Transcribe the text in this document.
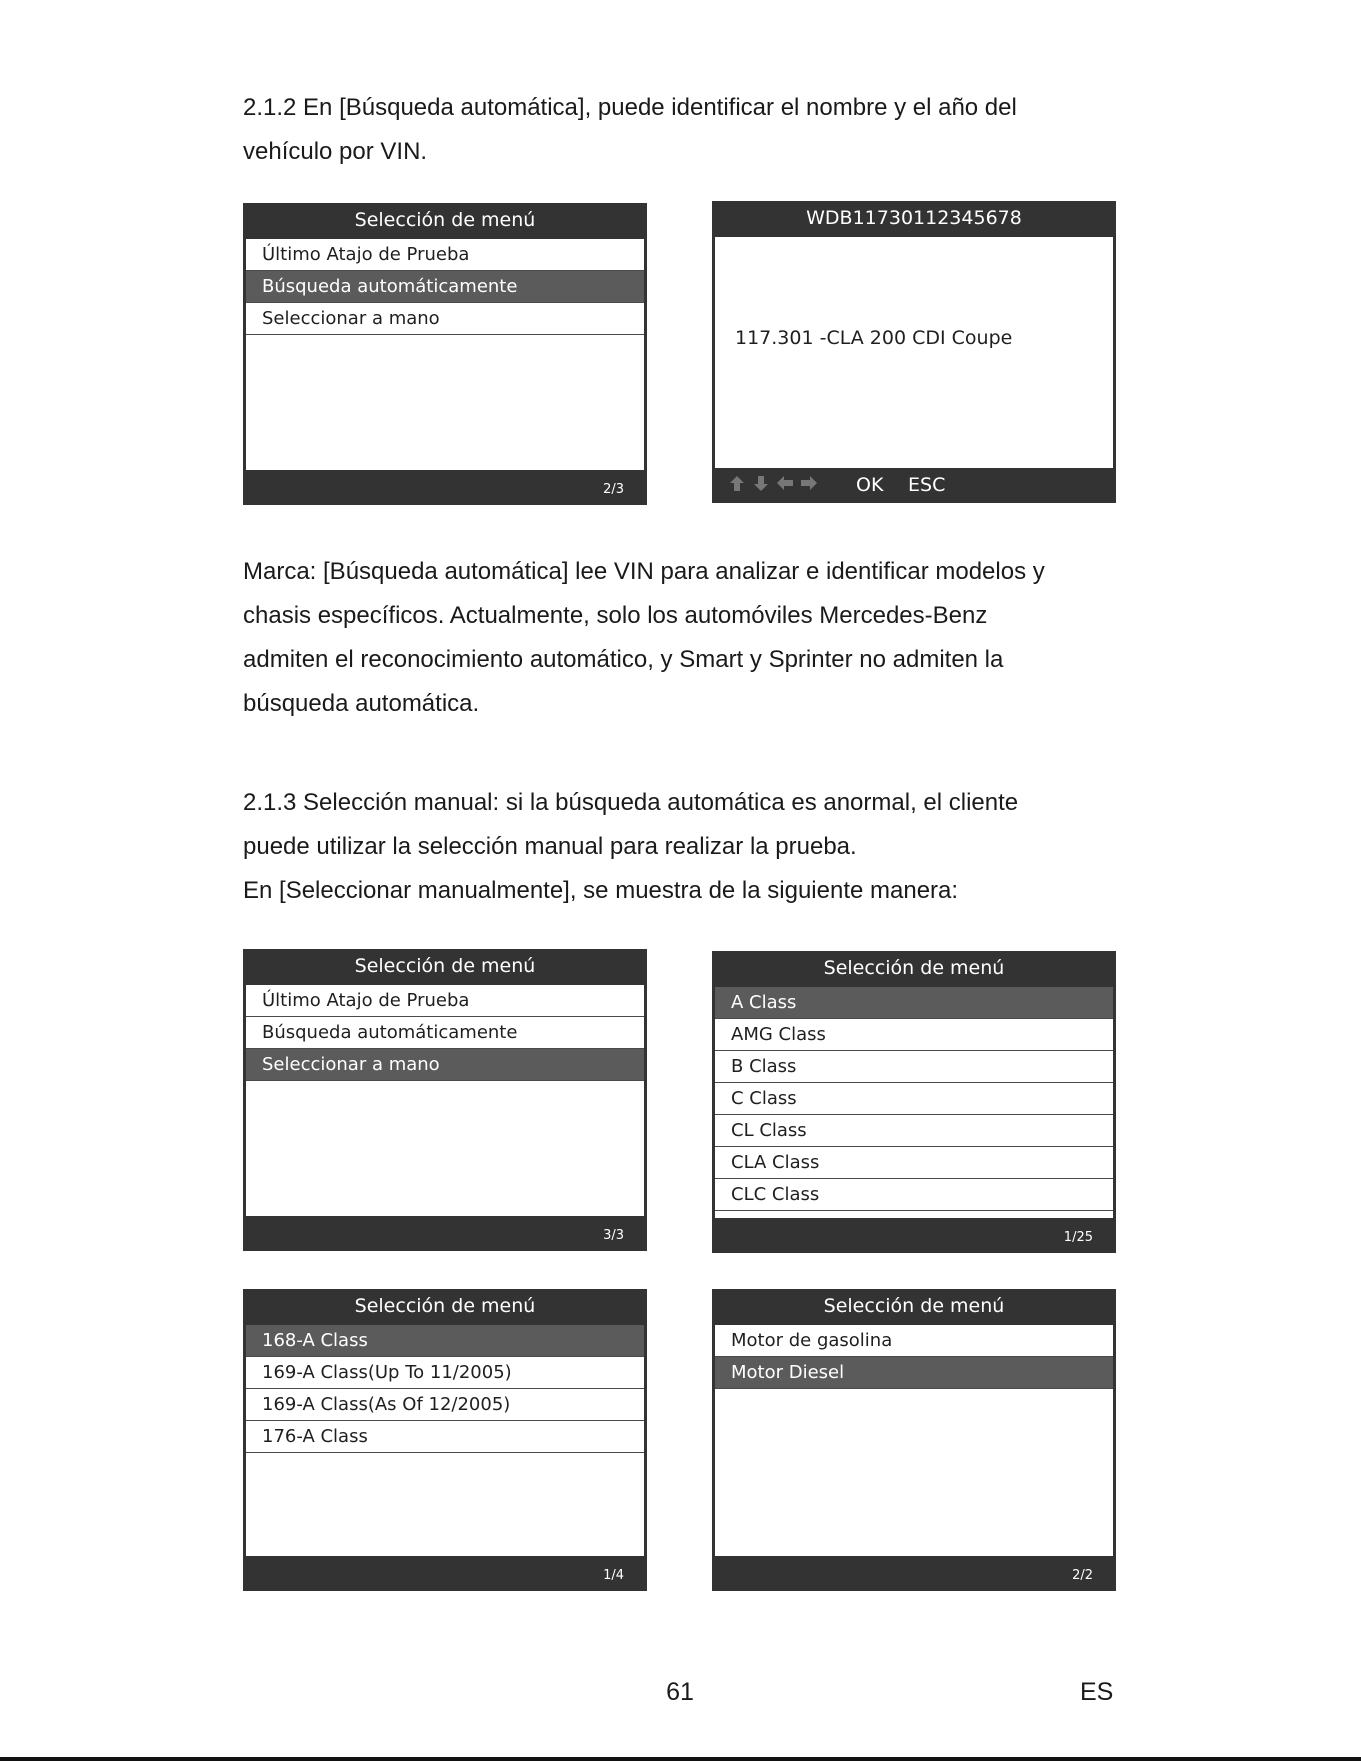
2.1.2 En [Búsqueda automática], puede identificar el nombre y el año del
vehículo por VIN.

Selección de menú
Último Atajo de Prueba
Búsqueda automáticamente
Seleccionar a mano
2/3
WDB11730112345678
117.301 -CLA 200 CDI Coupe
OK ESC

Marca: [Búsqueda automática] lee VIN para analizar e identificar modelos y
chasis específicos. Actualmente, solo los automóviles Mercedes-Benz
admiten el reconocimiento automático, y Smart y Sprinter no admiten la
búsqueda automática.

2.1.3 Selección manual: si la búsqueda automática es anormal, el cliente
puede utilizar la selección manual para realizar la prueba.
En [Seleccionar manualmente], se muestra de la siguiente manera:

Selección de menú
Último Atajo de Prueba
Búsqueda automáticamente
Seleccionar a mano
3/3
Selección de menú
A Class
AMG Class
B Class
C Class
CL Class
CLA Class
CLC Class
1/25
Selección de menú
168-A Class
169-A Class(Up To 11/2005)
169-A Class(As Of 12/2005)
176-A Class
1/4
Selección de menú
Motor de gasolina
Motor Diesel
2/2
61	ES
